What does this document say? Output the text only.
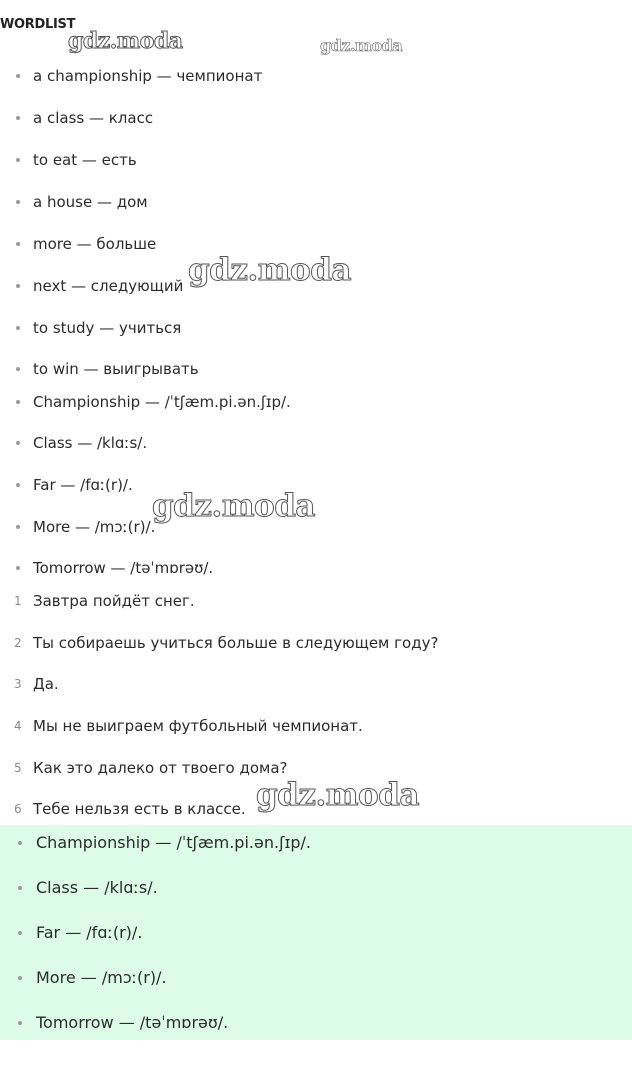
WORDLIST
a championship — чемпионат
a class — класс
to eat — есть
a house — дом
more — больше
next — следующий
to study — учиться
to win — выигрывать
Championship — /ˈtʃæm.pi.ən.ʃɪp/.
Class — /klɑːs/.
Far — /fɑː(r)/.
More — /mɔː(r)/.
Tomorrow — /təˈmɒrəʊ/.
1 Завтра пойдёт снег.
2 Ты собираешь учиться больше в следующем году?
3 Да.
4 Мы не выиграем футбольный чемпионат.
5 Как это далеко от твоего дома?
6 Тебе нельзя есть в классе.
Championship — /ˈtʃæm.pi.ən.ʃɪp/.
Class — /klɑːs/.
Far — /fɑː(r)/.
More — /mɔː(r)/.
Tomorrow — /təˈmɒrəʊ/.
gdz.moda	gdz.moda
gdz.moda
gdz.moda
gdz.moda
